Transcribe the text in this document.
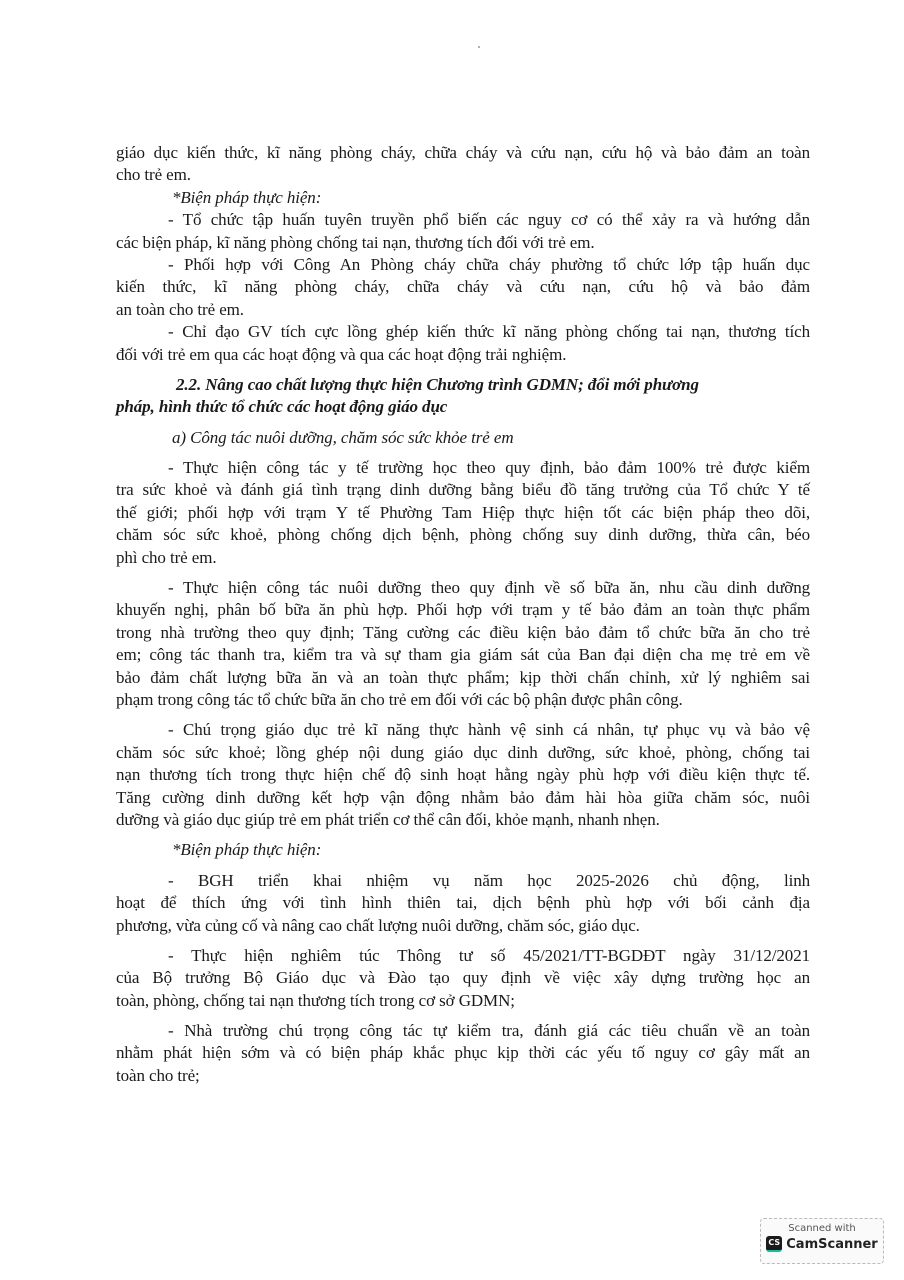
giáo dục kiến thức, kĩ năng phòng cháy, chữa cháy và cứu nạn, cứu hộ và bảo đảm an toàn
cho trẻ em.
*Biện pháp thực hiện:
- Tổ chức tập huấn tuyên truyền phổ biến các nguy cơ có thể xảy ra và hướng dẫn
các biện pháp, kĩ năng phòng chống tai nạn, thương tích đối với trẻ em.
- Phối hợp với Công An Phòng cháy chữa cháy phường tổ chức lớp tập huấn dục
kiến thức, kĩ năng phòng cháy, chữa cháy và cứu nạn, cứu hộ và bảo đảm
an toàn cho trẻ em.
- Chỉ đạo GV tích cực lồng ghép kiến thức kĩ năng phòng chống tai nạn, thương tích
đối với trẻ em qua các hoạt động và qua các hoạt động trải nghiệm.
2.2. Nâng cao chất lượng thực hiện Chương trình GDMN; đổi mới phương
pháp, hình thức tổ chức các hoạt động giáo dục
a) Công tác nuôi dưỡng, chăm sóc sức khỏe trẻ em
- Thực hiện công tác y tế trường học theo quy định, bảo đảm 100% trẻ được kiểm
tra sức khoẻ và đánh giá tình trạng dinh dưỡng bằng biểu đồ tăng trưởng của Tổ chức Y tế
thế giới; phối hợp với trạm Y tế Phường Tam Hiệp thực hiện tốt các biện pháp theo dõi,
chăm sóc sức khoẻ, phòng chống dịch bệnh, phòng chống suy dinh dưỡng, thừa cân, béo
phì cho trẻ em.
- Thực hiện công tác nuôi dưỡng theo quy định về số bữa ăn, nhu cầu dinh dưỡng
khuyến nghị, phân bố bữa ăn phù hợp. Phối hợp với trạm y tế bảo đảm an toàn thực phẩm
trong nhà trường theo quy định; Tăng cường các điều kiện bảo đảm tổ chức bữa ăn cho trẻ
em; công tác thanh tra, kiểm tra và sự tham gia giám sát của Ban đại diện cha mẹ trẻ em về
bảo đảm chất lượng bữa ăn và an toàn thực phẩm; kịp thời chấn chỉnh, xử lý nghiêm sai
phạm trong công tác tổ chức bữa ăn cho trẻ em đối với các bộ phận được phân công.
- Chú trọng giáo dục trẻ kĩ năng thực hành vệ sinh cá nhân, tự phục vụ và bảo vệ
chăm sóc sức khoẻ; lồng ghép nội dung giáo dục dinh dưỡng, sức khoẻ, phòng, chống tai
nạn thương tích trong thực hiện chế độ sinh hoạt hằng ngày phù hợp với điều kiện thực tế.
Tăng cường dinh dưỡng kết hợp vận động nhằm bảo đảm hài hòa giữa chăm sóc, nuôi
dưỡng và giáo dục giúp trẻ em phát triển cơ thể cân đối, khỏe mạnh, nhanh nhẹn.
*Biện pháp thực hiện:
- BGH triển khai nhiệm vụ năm học 2025-2026 chủ động, linh
hoạt để thích ứng với tình hình thiên tai, dịch bệnh phù hợp với bối cảnh địa
phương, vừa củng cố và nâng cao chất lượng nuôi dưỡng, chăm sóc, giáo dục.
- Thực hiện nghiêm túc Thông tư số 45/2021/TT-BGDĐT ngày 31/12/2021
của Bộ trưởng Bộ Giáo dục và Đào tạo quy định về việc xây dựng trường học an
toàn, phòng, chống tai nạn thương tích trong cơ sở GDMN;
- Nhà trường chú trọng công tác tự kiểm tra, đánh giá các tiêu chuẩn về an toàn
nhằm phát hiện sớm và có biện pháp khắc phục kịp thời các yếu tố nguy cơ gây mất an
toàn cho trẻ;
Scanned with
CS CamScanner
